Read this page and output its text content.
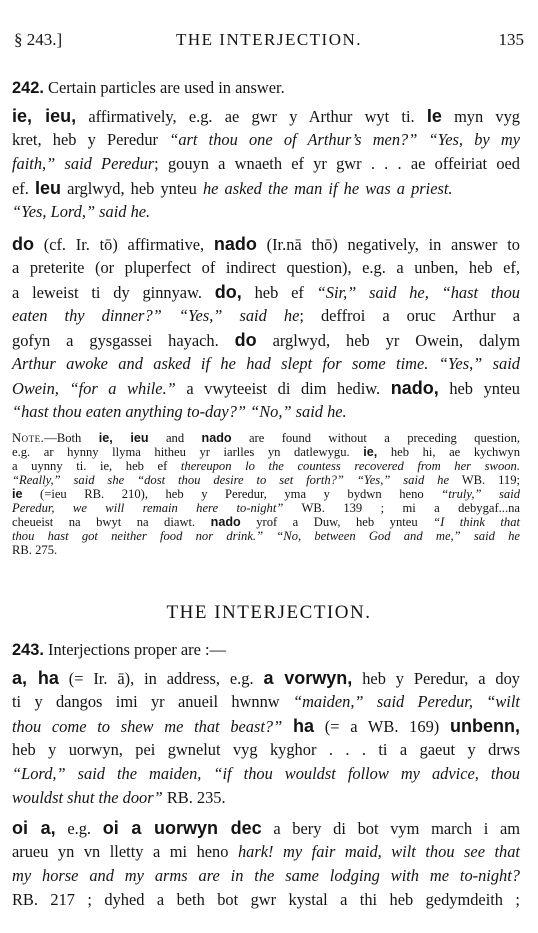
§ 243.]	THE INTERJECTION.	135
242. Certain particles are used in answer.
ie, ieu, affirmatively, e.g. ae gwr y Arthur wyt ti. Ie myn vyg
kret, heb y Peredur “art thou one of Arthur’s men?” “Yes, by my
faith,” said Peredur; gouyn a wnaeth ef yr gwr . . . ae offeiriat oed
ef. Ieu arglwyd, heb ynteu he asked the man if he was a priest.
“Yes, Lord,” said he.
do (cf. Ir. tō) affirmative, nado (Ir.nā thō) negatively, in answer to
a preterite (or pluperfect of indirect question), e.g. a unben, heb ef,
a leweist ti dy ginnyaw. do, heb ef “Sir,” said he, “hast thou
eaten thy dinner?” “Yes,” said he; deffroi a oruc Arthur a
gofyn a gysgassei hayach. do arglwyd, heb yr Owein, dalym
Arthur awoke and asked if he had slept for some time. “Yes,” said
Owein, “for a while.” a vwyteeist di dim hediw. nado, heb ynteu
“hast thou eaten anything to-day?” “No,” said he.
Note.—Both ie, ieu and nado are found without a preceding question,
e.g. ar hynny llyma hitheu yr iarlles yn datlewygu. ie, heb hi, ae kychwyn
a uynny ti. ie, heb ef thereupon lo the countess recovered from her swoon.
“Really,” said she “dost thou desire to set forth?” “Yes,” said he WB. 119;
ie (=ieu RB. 210), heb y Peredur, yma y bydwn heno “truly,” said
Peredur, we will remain here to-night” WB. 139 ; mi a debygaf...na
cheueist na bwyt na diawt. nado yrof a Duw, heb ynteu “I think that
thou hast got neither food nor drink.” “No, between God and me,” said he
RB. 275.
THE INTERJECTION.
243. Interjections proper are :—
a, ha (= Ir. ā), in address, e.g. a vorwyn, heb y Peredur, a doy
ti y dangos imi yr anueil hwnnw “maiden,” said Peredur, “wilt
thou come to shew me that beast?” ha (= a WB. 169) unbenn,
heb y uorwyn, pei gwnelut vyg kyghor . . . ti a gaeut y drws
“Lord,” said the maiden, “if thou wouldst follow my advice, thou
wouldst shut the door” RB. 235.
oi a, e.g. oi a uorwyn dec a bery di bot vym march i am
arueu yn vn lletty a mi heno hark! my fair maid, wilt thou see that
my horse and my arms are in the same lodging with me to-night?
RB. 217 ; dyhed a beth bot gwr kystal a thi heb gedymdeith ;
